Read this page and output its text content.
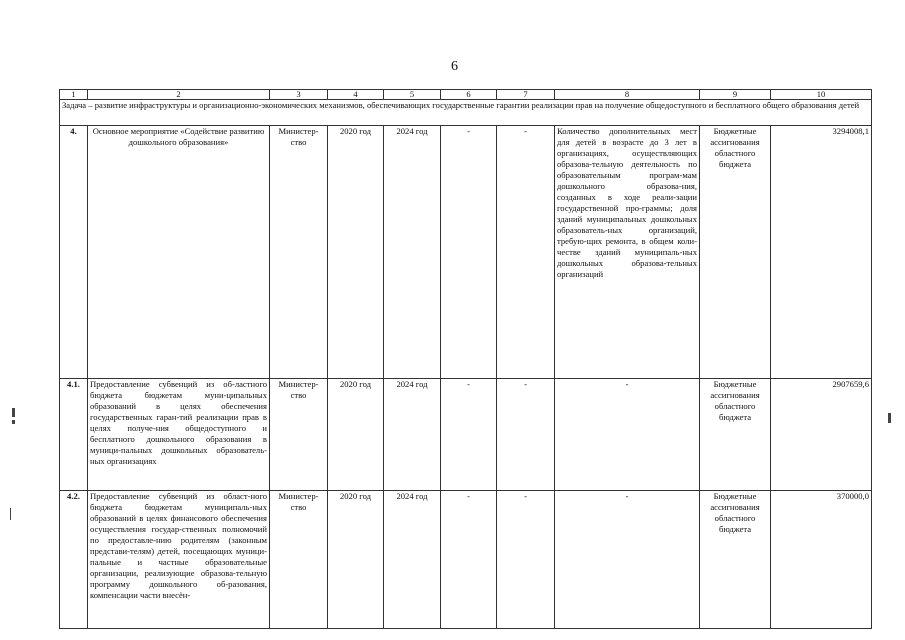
6
1	2	3	4	5	6	7	8	9	10
Задача – развитие инфраструктуры и организационно-экономических механизмов, обеспечивающих государственные гарантии реализации прав на получение общедоступного и бесплатного общего образования детей									
4.	Основное мероприятие «Содействие развитию дошкольного образования»	Министер-ство	2020 год	2024 год	-	-	Количество дополнительных мест для детей в возрасте до 3 лет в организациях, осуществляющих образова-тельную деятельность по образовательным програм-мам дошкольного образова-ния, созданных в ходе реали-зации государственной про-граммы; доля зданий муниципальных дошкольных образователь-ных организаций, требую-щих ремонта, в общем коли-честве зданий муниципаль-ных дошкольных образова-тельных организаций	Бюджетные ассигнования областного бюджета	3294008,1
4.1.	Предоставление субвенций из об-ластного бюджета бюджетам муни-ципальных образований в целях обеспечения государственных гаран-тий реализации прав в целях получе-ния общедоступного и бесплатного дошкольного образования в муници-пальных дошкольных образователь-ных организациях	Министер-ство	2020 год	2024 год	-	-	-	Бюджетные ассигнования областного бюджета	2907659,6
4.2.	Предоставление субвенций из област-ного бюджета бюджетам муниципаль-ных образований в целях финансового обеспечения осуществления государ-ственных полномочий по предоставле-нию родителям (законным представи-телям) детей, посещающих муници-пальные и частные образовательные организации, реализующие образова-тельную программу дошкольного об-разования, компенсации части внесён-	Министер-ство	2020 год	2024 год	-	-	-	Бюджетные ассигнования областного бюджета	370000,0
